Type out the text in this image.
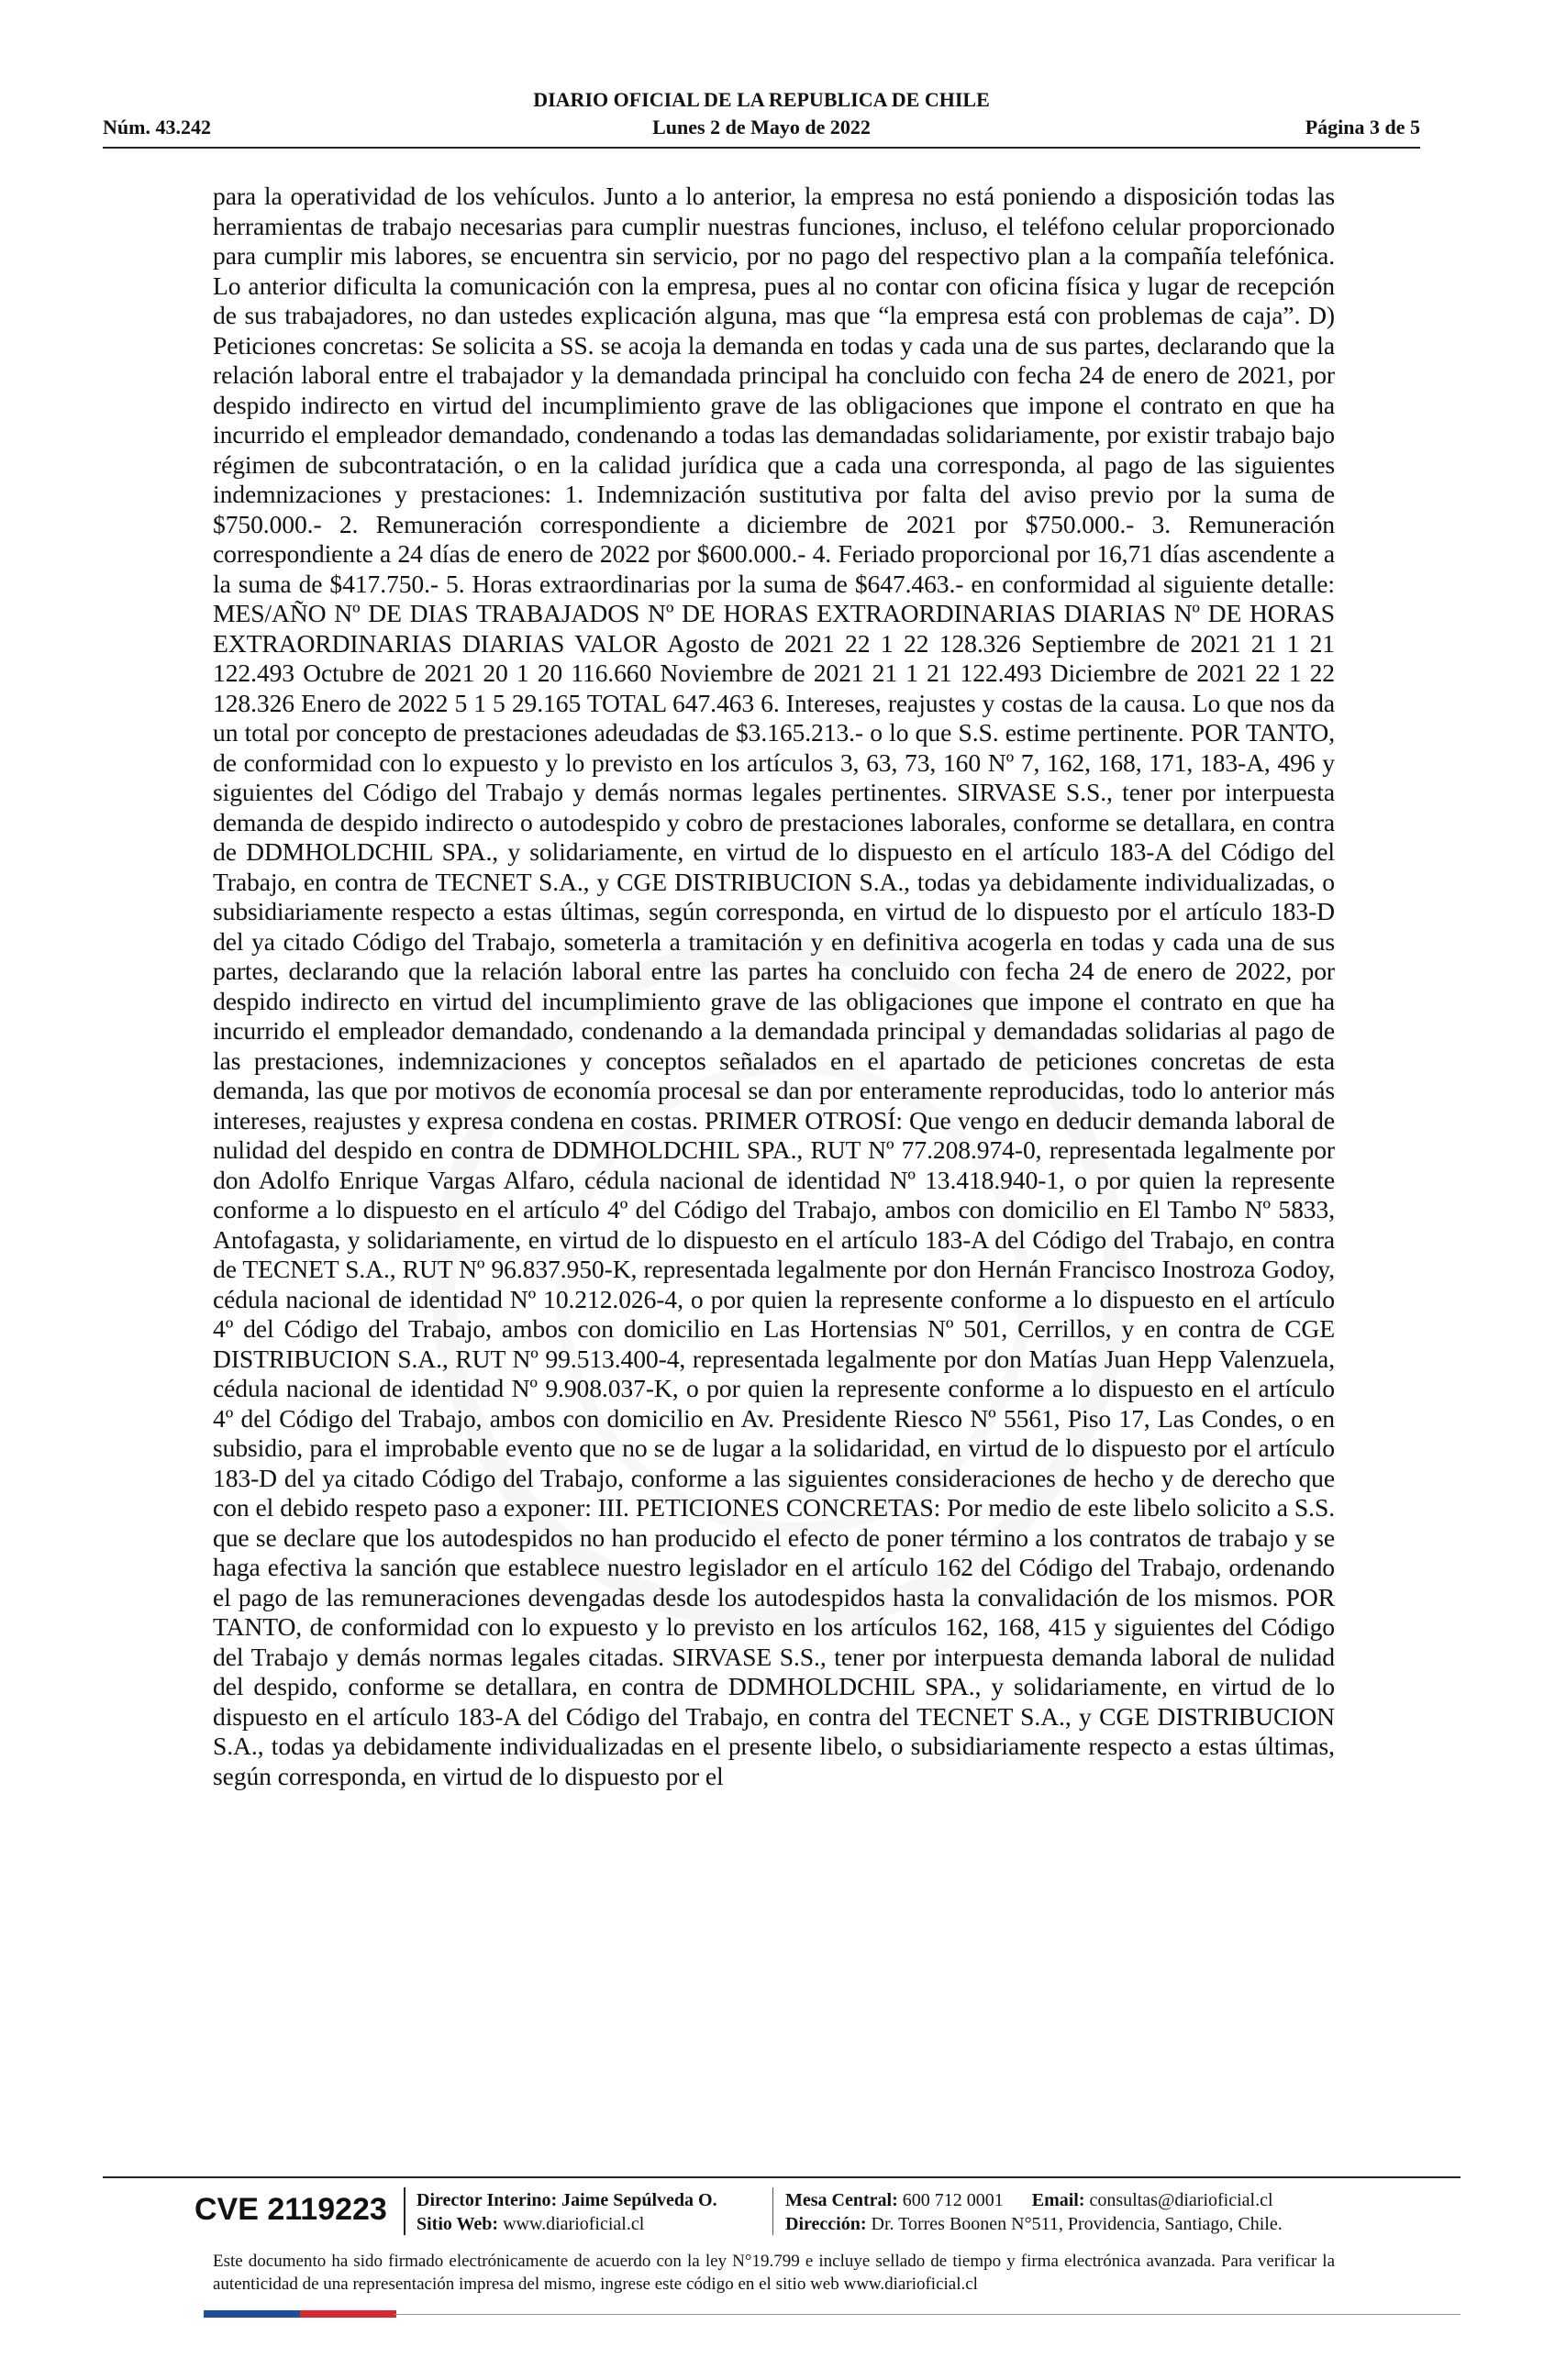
DIARIO OFICIAL DE LA REPUBLICA DE CHILE
Núm. 43.242	Lunes 2 de Mayo de 2022	Página 3 de 5
para la operatividad de los vehículos. Junto a lo anterior, la empresa no está poniendo a disposición todas las herramientas de trabajo necesarias para cumplir nuestras funciones, incluso, el teléfono celular proporcionado para cumplir mis labores, se encuentra sin servicio, por no pago del respectivo plan a la compañía telefónica. Lo anterior dificulta la comunicación con la empresa, pues al no contar con oficina física y lugar de recepción de sus trabajadores, no dan ustedes explicación alguna, mas que “la empresa está con problemas de caja”. D) Peticiones concretas: Se solicita a SS. se acoja la demanda en todas y cada una de sus partes, declarando que la relación laboral entre el trabajador y la demandada principal ha concluido con fecha 24 de enero de 2021, por despido indirecto en virtud del incumplimiento grave de las obligaciones que impone el contrato en que ha incurrido el empleador demandado, condenando a todas las demandadas solidariamente, por existir trabajo bajo régimen de subcontratación, o en la calidad jurídica que a cada una corresponda, al pago de las siguientes indemnizaciones y prestaciones: 1. Indemnización sustitutiva por falta del aviso previo por la suma de $750.000.- 2. Remuneración correspondiente a diciembre de 2021 por $750.000.- 3. Remuneración correspondiente a 24 días de enero de 2022 por $600.000.- 4. Feriado proporcional por 16,71 días ascendente a la suma de $417.750.- 5. Horas extraordinarias por la suma de $647.463.- en conformidad al siguiente detalle: MES/AÑO Nº DE DIAS TRABAJADOS Nº DE HORAS EXTRAORDINARIAS DIARIAS Nº DE HORAS EXTRAORDINARIAS DIARIAS VALOR Agosto de 2021 22 1 22 128.326 Septiembre de 2021 21 1 21 122.493 Octubre de 2021 20 1 20 116.660 Noviembre de 2021 21 1 21 122.493 Diciembre de 2021 22 1 22 128.326 Enero de 2022 5 1 5 29.165 TOTAL 647.463 6. Intereses, reajustes y costas de la causa. Lo que nos da un total por concepto de prestaciones adeudadas de $3.165.213.- o lo que S.S. estime pertinente. POR TANTO, de conformidad con lo expuesto y lo previsto en los artículos 3, 63, 73, 160 Nº 7, 162, 168, 171, 183-A, 496 y siguientes del Código del Trabajo y demás normas legales pertinentes. SIRVASE S.S., tener por interpuesta demanda de despido indirecto o autodespido y cobro de prestaciones laborales, conforme se detallara, en contra de DDMHOLDCHIL SPA., y solidariamente, en virtud de lo dispuesto en el artículo 183-A del Código del Trabajo, en contra de TECNET S.A., y CGE DISTRIBUCION S.A., todas ya debidamente individualizadas, o subsidiariamente respecto a estas últimas, según corresponda, en virtud de lo dispuesto por el artículo 183-D del ya citado Código del Trabajo, someterla a tramitación y en definitiva acogerla en todas y cada una de sus partes, declarando que la relación laboral entre las partes ha concluido con fecha 24 de enero de 2022, por despido indirecto en virtud del incumplimiento grave de las obligaciones que impone el contrato en que ha incurrido el empleador demandado, condenando a la demandada principal y demandadas solidarias al pago de las prestaciones, indemnizaciones y conceptos señalados en el apartado de peticiones concretas de esta demanda, las que por motivos de economía procesal se dan por enteramente reproducidas, todo lo anterior más intereses, reajustes y expresa condena en costas. PRIMER OTROSÍ: Que vengo en deducir demanda laboral de nulidad del despido en contra de DDMHOLDCHIL SPA., RUT Nº 77.208.974-0, representada legalmente por don Adolfo Enrique Vargas Alfaro, cédula nacional de identidad Nº 13.418.940-1, o por quien la represente conforme a lo dispuesto en el artículo 4º del Código del Trabajo, ambos con domicilio en El Tambo Nº 5833, Antofagasta, y solidariamente, en virtud de lo dispuesto en el artículo 183-A del Código del Trabajo, en contra de TECNET S.A., RUT Nº 96.837.950-K, representada legalmente por don Hernán Francisco Inostroza Godoy, cédula nacional de identidad Nº 10.212.026-4, o por quien la represente conforme a lo dispuesto en el artículo 4º del Código del Trabajo, ambos con domicilio en Las Hortensias Nº 501, Cerrillos, y en contra de CGE DISTRIBUCION S.A., RUT Nº 99.513.400-4, representada legalmente por don Matías Juan Hepp Valenzuela, cédula nacional de identidad Nº 9.908.037-K, o por quien la represente conforme a lo dispuesto en el artículo 4º del Código del Trabajo, ambos con domicilio en Av. Presidente Riesco Nº 5561, Piso 17, Las Condes, o en subsidio, para el improbable evento que no se de lugar a la solidaridad, en virtud de lo dispuesto por el artículo 183-D del ya citado Código del Trabajo, conforme a las siguientes consideraciones de hecho y de derecho que con el debido respeto paso a exponer: III. PETICIONES CONCRETAS: Por medio de este libelo solicito a S.S. que se declare que los autodespidos no han producido el efecto de poner término a los contratos de trabajo y se haga efectiva la sanción que establece nuestro legislador en el artículo 162 del Código del Trabajo, ordenando el pago de las remuneraciones devengadas desde los autodespidos hasta la convalidación de los mismos. POR TANTO, de conformidad con lo expuesto y lo previsto en los artículos 162, 168, 415 y siguientes del Código del Trabajo y demás normas legales citadas. SIRVASE S.S., tener por interpuesta demanda laboral de nulidad del despido, conforme se detallara, en contra de DDMHOLDCHIL SPA., y solidariamente, en virtud de lo dispuesto en el artículo 183-A del Código del Trabajo, en contra del TECNET S.A., y CGE DISTRIBUCION S.A., todas ya debidamente individualizadas en el presente libelo, o subsidiariamente respecto a estas últimas, según corresponda, en virtud de lo dispuesto por el
CVE 2119223	Director Interino: Jaime Sepúlveda O.
Sitio Web: www.diarioficial.cl
Mesa Central: 600 712 0001 Email: consultas@diarioficial.cl
Dirección: Dr. Torres Boonen N°511, Providencia, Santiago, Chile.
Este documento ha sido firmado electrónicamente de acuerdo con la ley N°19.799 e incluye sellado de tiempo y firma electrónica avanzada. Para verificar la autenticidad de una representación impresa del mismo, ingrese este código en el sitio web www.diarioficial.cl
